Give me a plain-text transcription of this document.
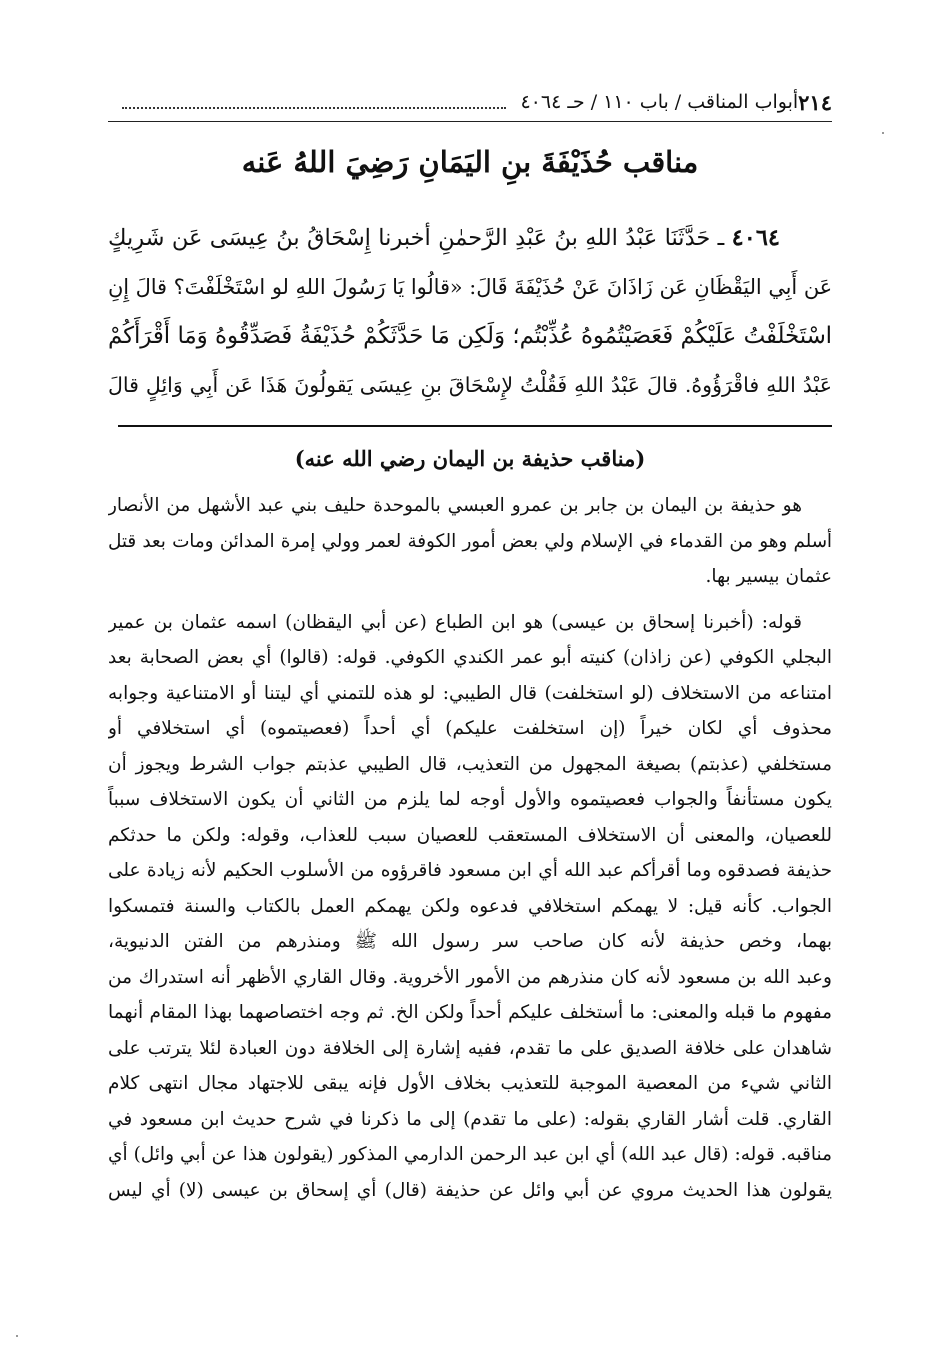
٢١٤
أبواب المناقب / باب ١١٠ / حـ ٤٠٦٤
مناقب حُذَيْفَةَ بنِ اليَمَانِ رَضِيَ اللهُ عَنه
٤٠٦٤ ـ حَدَّثَنَا عَبْدُ اللهِ بنُ عَبْدِ الرَّحمٰنِ أخبرنا إِسْحَاقُ بنُ عِيسَى عَن شَرِيكٍ
عَن أَبِي اليَقْظَانِ عَن زَاذَانَ عَنْ حُذَيْفَةَ قَالَ: «قالُوا يَا رَسُولَ اللهِ لو اسْتَخْلَفْتَ؟ قالَ إِنِ
اسْتَخْلَفْتُ عَلَيْكُمْ فَعَصَيْتُمُوهُ عُذِّبْتُم؛ وَلَكِن مَا حَدَّثَكُمْ حُذَيْفَةُ فَصَدِّقُوهُ وَمَا أَقْرَأَكُمْ
عَبْدُ اللهِ فاقْرَؤُوهُ. قالَ عَبْدُ اللهِ فَقُلْتُ لإِسْحَاقَ بنِ عِيسَى يَقولُونَ هَذَا عَن أَبِي وَائِلٍ قالَ
(مناقب حذيفة بن اليمان رضي الله عنه)
هو حذيفة بن اليمان بن جابر بن عمرو العبسي بالموحدة حليف بني عبد الأشهل من الأنصار
أسلم وهو من القدماء في الإسلام ولي بعض أمور الكوفة لعمر وولي إمرة المدائن ومات بعد قتل
عثمان بيسير بها.
قوله: (أخبرنا إسحاق بن عيسى) هو ابن الطباع (عن أبي اليقظان) اسمه عثمان بن عمير
البجلي الكوفي (عن زاذان) كنيته أبو عمر الكندي الكوفي. قوله: (قالوا) أي بعض الصحابة بعد
امتناعه من الاستخلاف (لو استخلفت) قال الطيبي: لو هذه للتمني أي ليتنا أو الامتناعية وجوابه
محذوف أي لكان خيراً (إن استخلفت عليكم) أي أحداً (فعصيتموه) أي استخلافي أو
مستخلفي (عذبتم) بصيغة المجهول من التعذيب، قال الطيبي عذبتم جواب الشرط ويجوز أن
يكون مستأنفاً والجواب فعصيتموه والأول أوجه لما يلزم من الثاني أن يكون الاستخلاف سبباً
للعصيان، والمعنى أن الاستخلاف المستعقب للعصيان سبب للعذاب، وقوله: ولكن ما حدثكم
حذيفة فصدقوه وما أقرأكم عبد الله أي ابن مسعود فاقرؤوه من الأسلوب الحكيم لأنه زيادة على
الجواب. كأنه قيل: لا يهمكم استخلافي فدعوه ولكن يهمكم العمل بالكتاب والسنة فتمسكوا
بهما، وخص حذيفة لأنه كان صاحب سر رسول الله ﷺ ومنذرهم من الفتن الدنيوية،
وعبد الله بن مسعود لأنه كان منذرهم من الأمور الأخروية. وقال القاري الأظهر أنه استدراك من
مفهوم ما قبله والمعنى: ما أستخلف عليكم أحداً ولكن الخ. ثم وجه اختصاصهما بهذا المقام أنهما
شاهدان على خلافة الصديق على ما تقدم، ففيه إشارة إلى الخلافة دون العبادة لئلا يترتب على
الثاني شيء من المعصية الموجبة للتعذيب بخلاف الأول فإنه يبقى للاجتهاد مجال انتهى كلام
القاري. قلت أشار القاري بقوله: (على ما تقدم) إلى ما ذكرنا في شرح حديث ابن مسعود في
مناقبه. قوله: (قال عبد الله) أي ابن عبد الرحمن الدارمي المذكور (يقولون هذا عن أبي وائل) أي
يقولون هذا الحديث مروي عن أبي وائل عن حذيفة (قال) أي إسحاق بن عيسى (لا) أي ليس
